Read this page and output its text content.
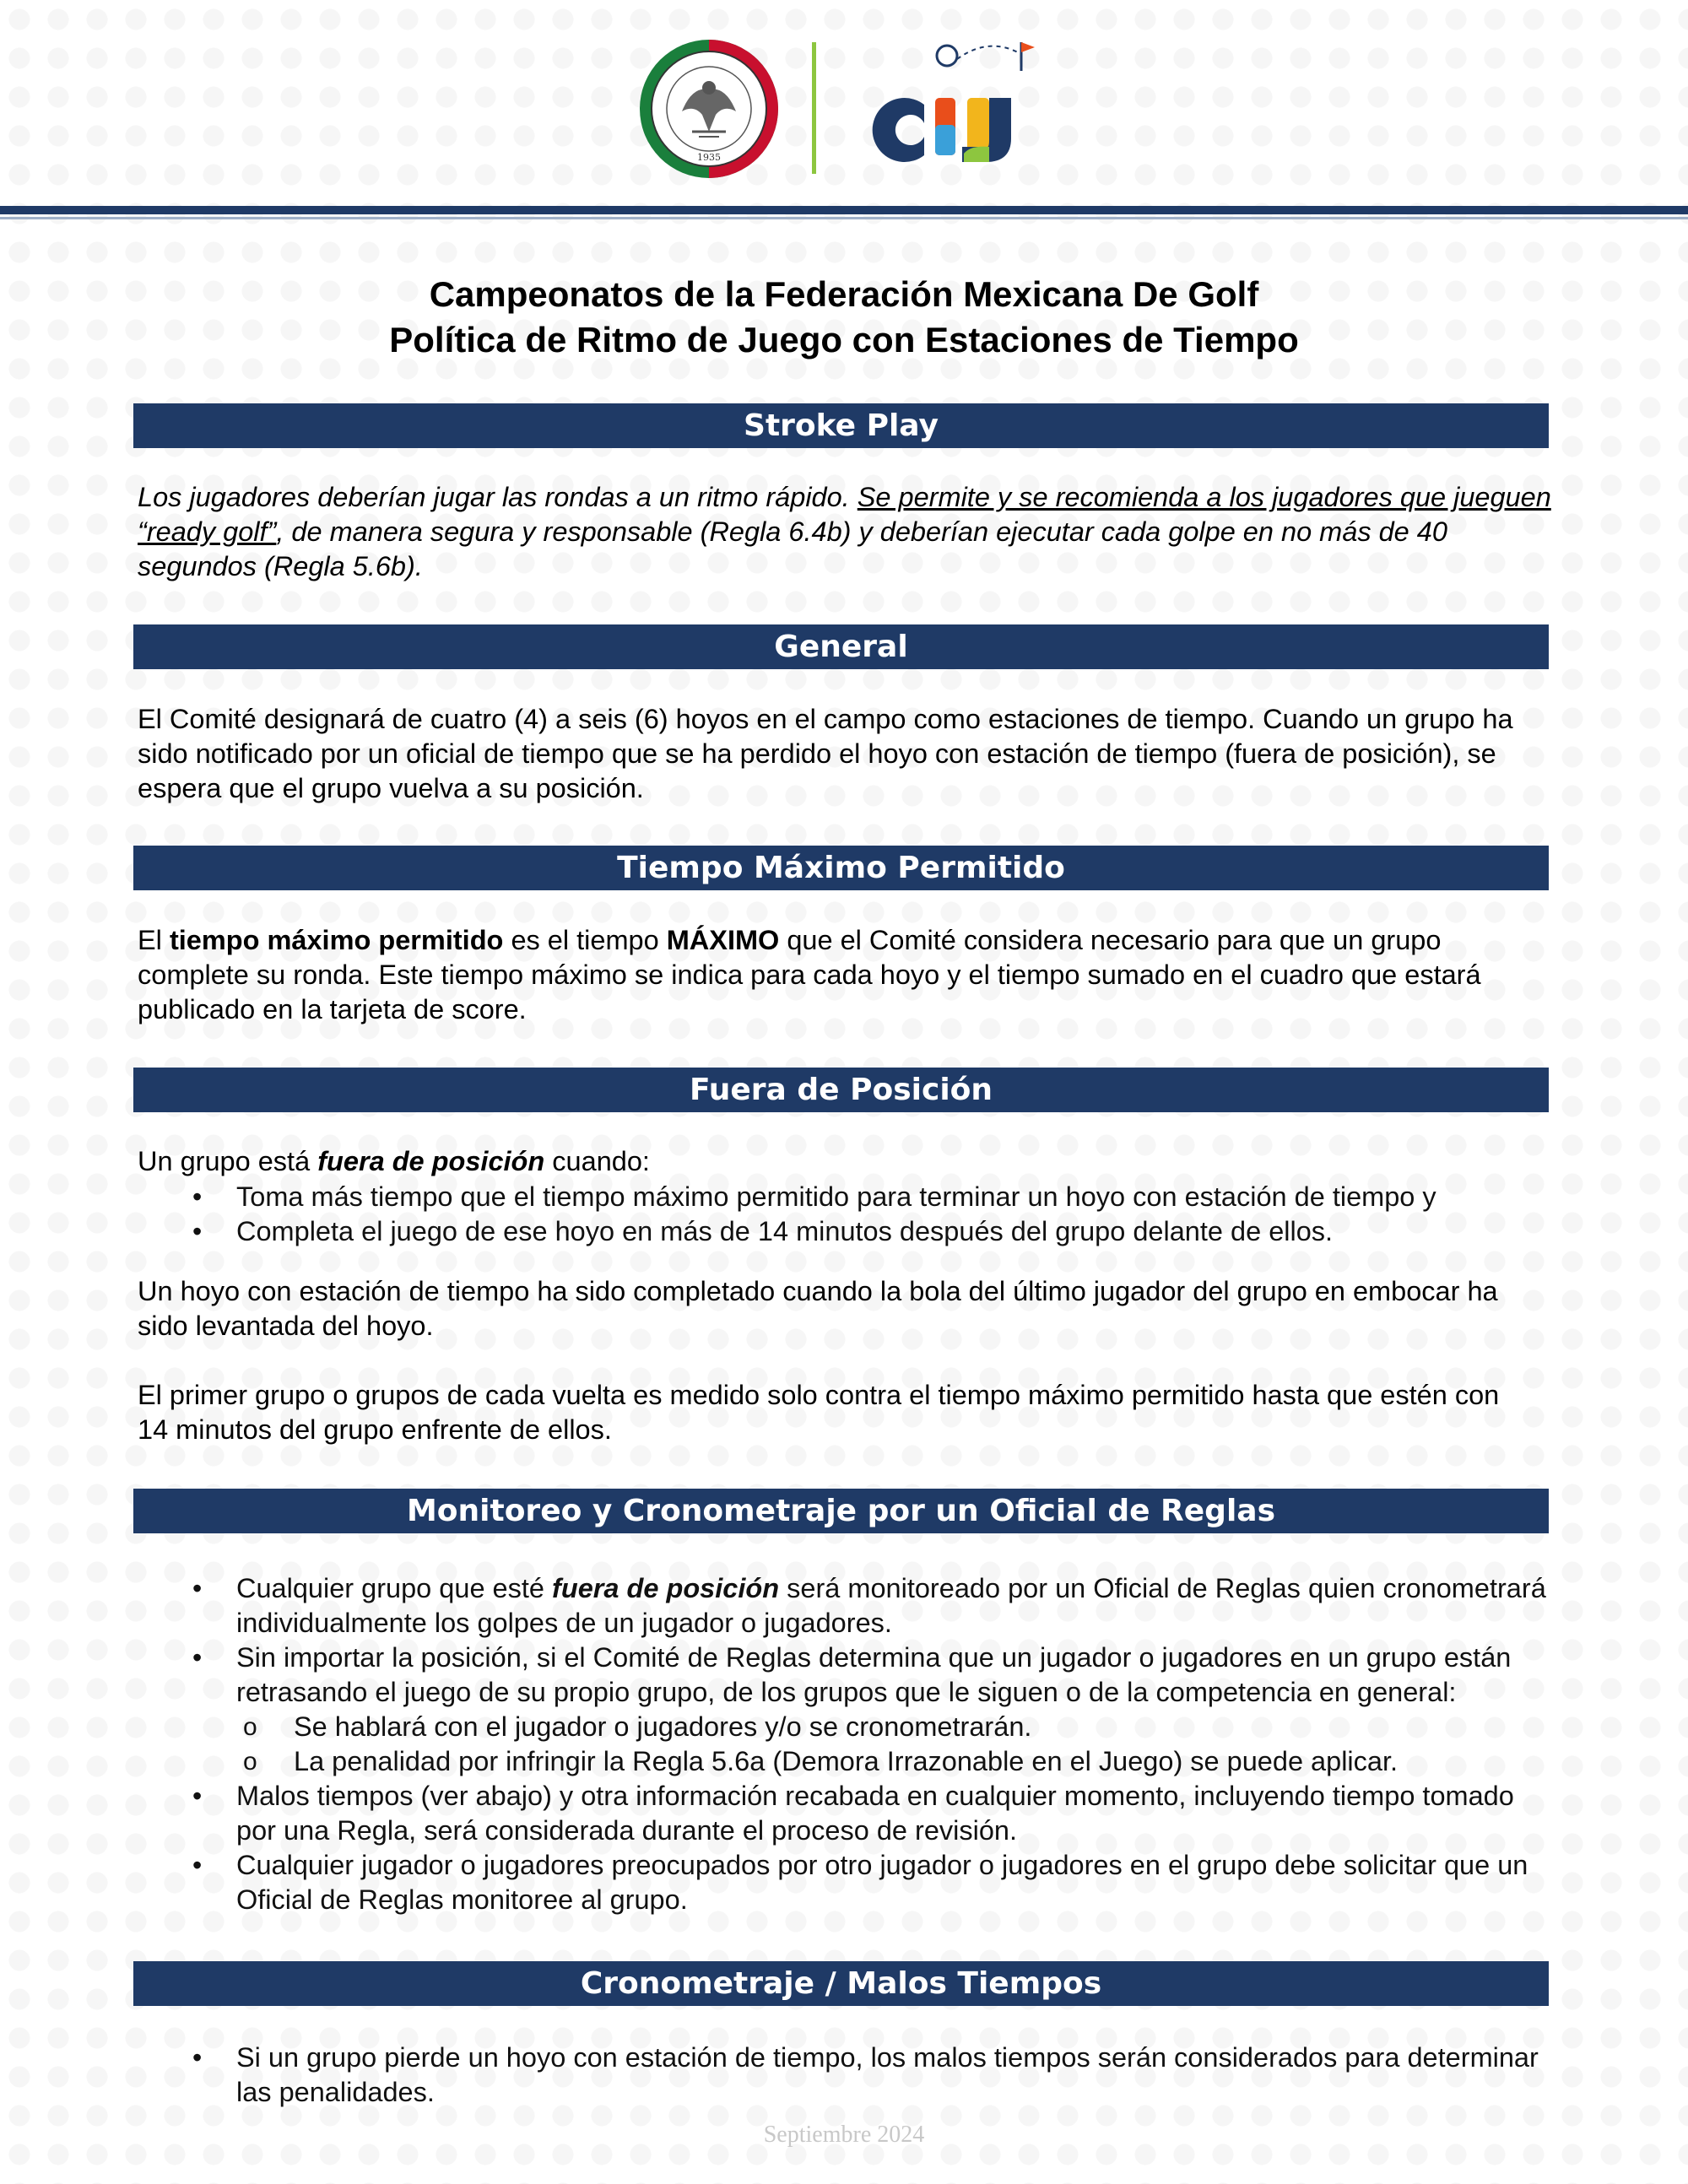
1935
Campeonatos de la Federación Mexicana De Golf
Política de Ritmo de Juego con Estaciones de Tiempo
Stroke Play
Los jugadores deberían jugar las rondas a un ritmo rápido. Se permite y se recomienda a los jugadores que jueguen “ready golf”, de manera segura y responsable (Regla 6.4b) y deberían ejecutar cada golpe en no más de 40 segundos (Regla 5.6b).
General
El Comité designará de cuatro (4) a seis (6) hoyos en el campo como estaciones de tiempo. Cuando un grupo ha sido notificado por un oficial de tiempo que se ha perdido el hoyo con estación de tiempo (fuera de posición), se espera que el grupo vuelva a su posición.
Tiempo Máximo Permitido
El tiempo máximo permitido es el tiempo MÁXIMO que el Comité considera necesario para que un grupo complete su ronda. Este tiempo máximo se indica para cada hoyo y el tiempo sumado en el cuadro que estará publicado en la tarjeta de score.
Fuera de Posición
Un grupo está fuera de posición cuando:
• Toma más tiempo que el tiempo máximo permitido para terminar un hoyo con estación de tiempo y
• Completa el juego de ese hoyo en más de 14 minutos después del grupo delante de ellos.
Un hoyo con estación de tiempo ha sido completado cuando la bola del último jugador del grupo en embocar ha sido levantada del hoyo.
El primer grupo o grupos de cada vuelta es medido solo contra el tiempo máximo permitido hasta que estén con 14 minutos del grupo enfrente de ellos.
Monitoreo y Cronometraje por un Oficial de Reglas
• Cualquier grupo que esté fuera de posición será monitoreado por un Oficial de Reglas quien cronometrará individualmente los golpes de un jugador o jugadores.
• Sin importar la posición, si el Comité de Reglas determina que un jugador o jugadores en un grupo están retrasando el juego de su propio grupo, de los grupos que le siguen o de la competencia en general:
o Se hablará con el jugador o jugadores y/o se cronometrarán.
o La penalidad por infringir la Regla 5.6a (Demora Irrazonable en el Juego) se puede aplicar.
• Malos tiempos (ver abajo) y otra información recabada en cualquier momento, incluyendo tiempo tomado por una Regla, será considerada durante el proceso de revisión.
• Cualquier jugador o jugadores preocupados por otro jugador o jugadores en el grupo debe solicitar que un Oficial de Reglas monitoree al grupo.
Cronometraje / Malos Tiempos
• Si un grupo pierde un hoyo con estación de tiempo, los malos tiempos serán considerados para determinar las penalidades.
Septiembre 2024
